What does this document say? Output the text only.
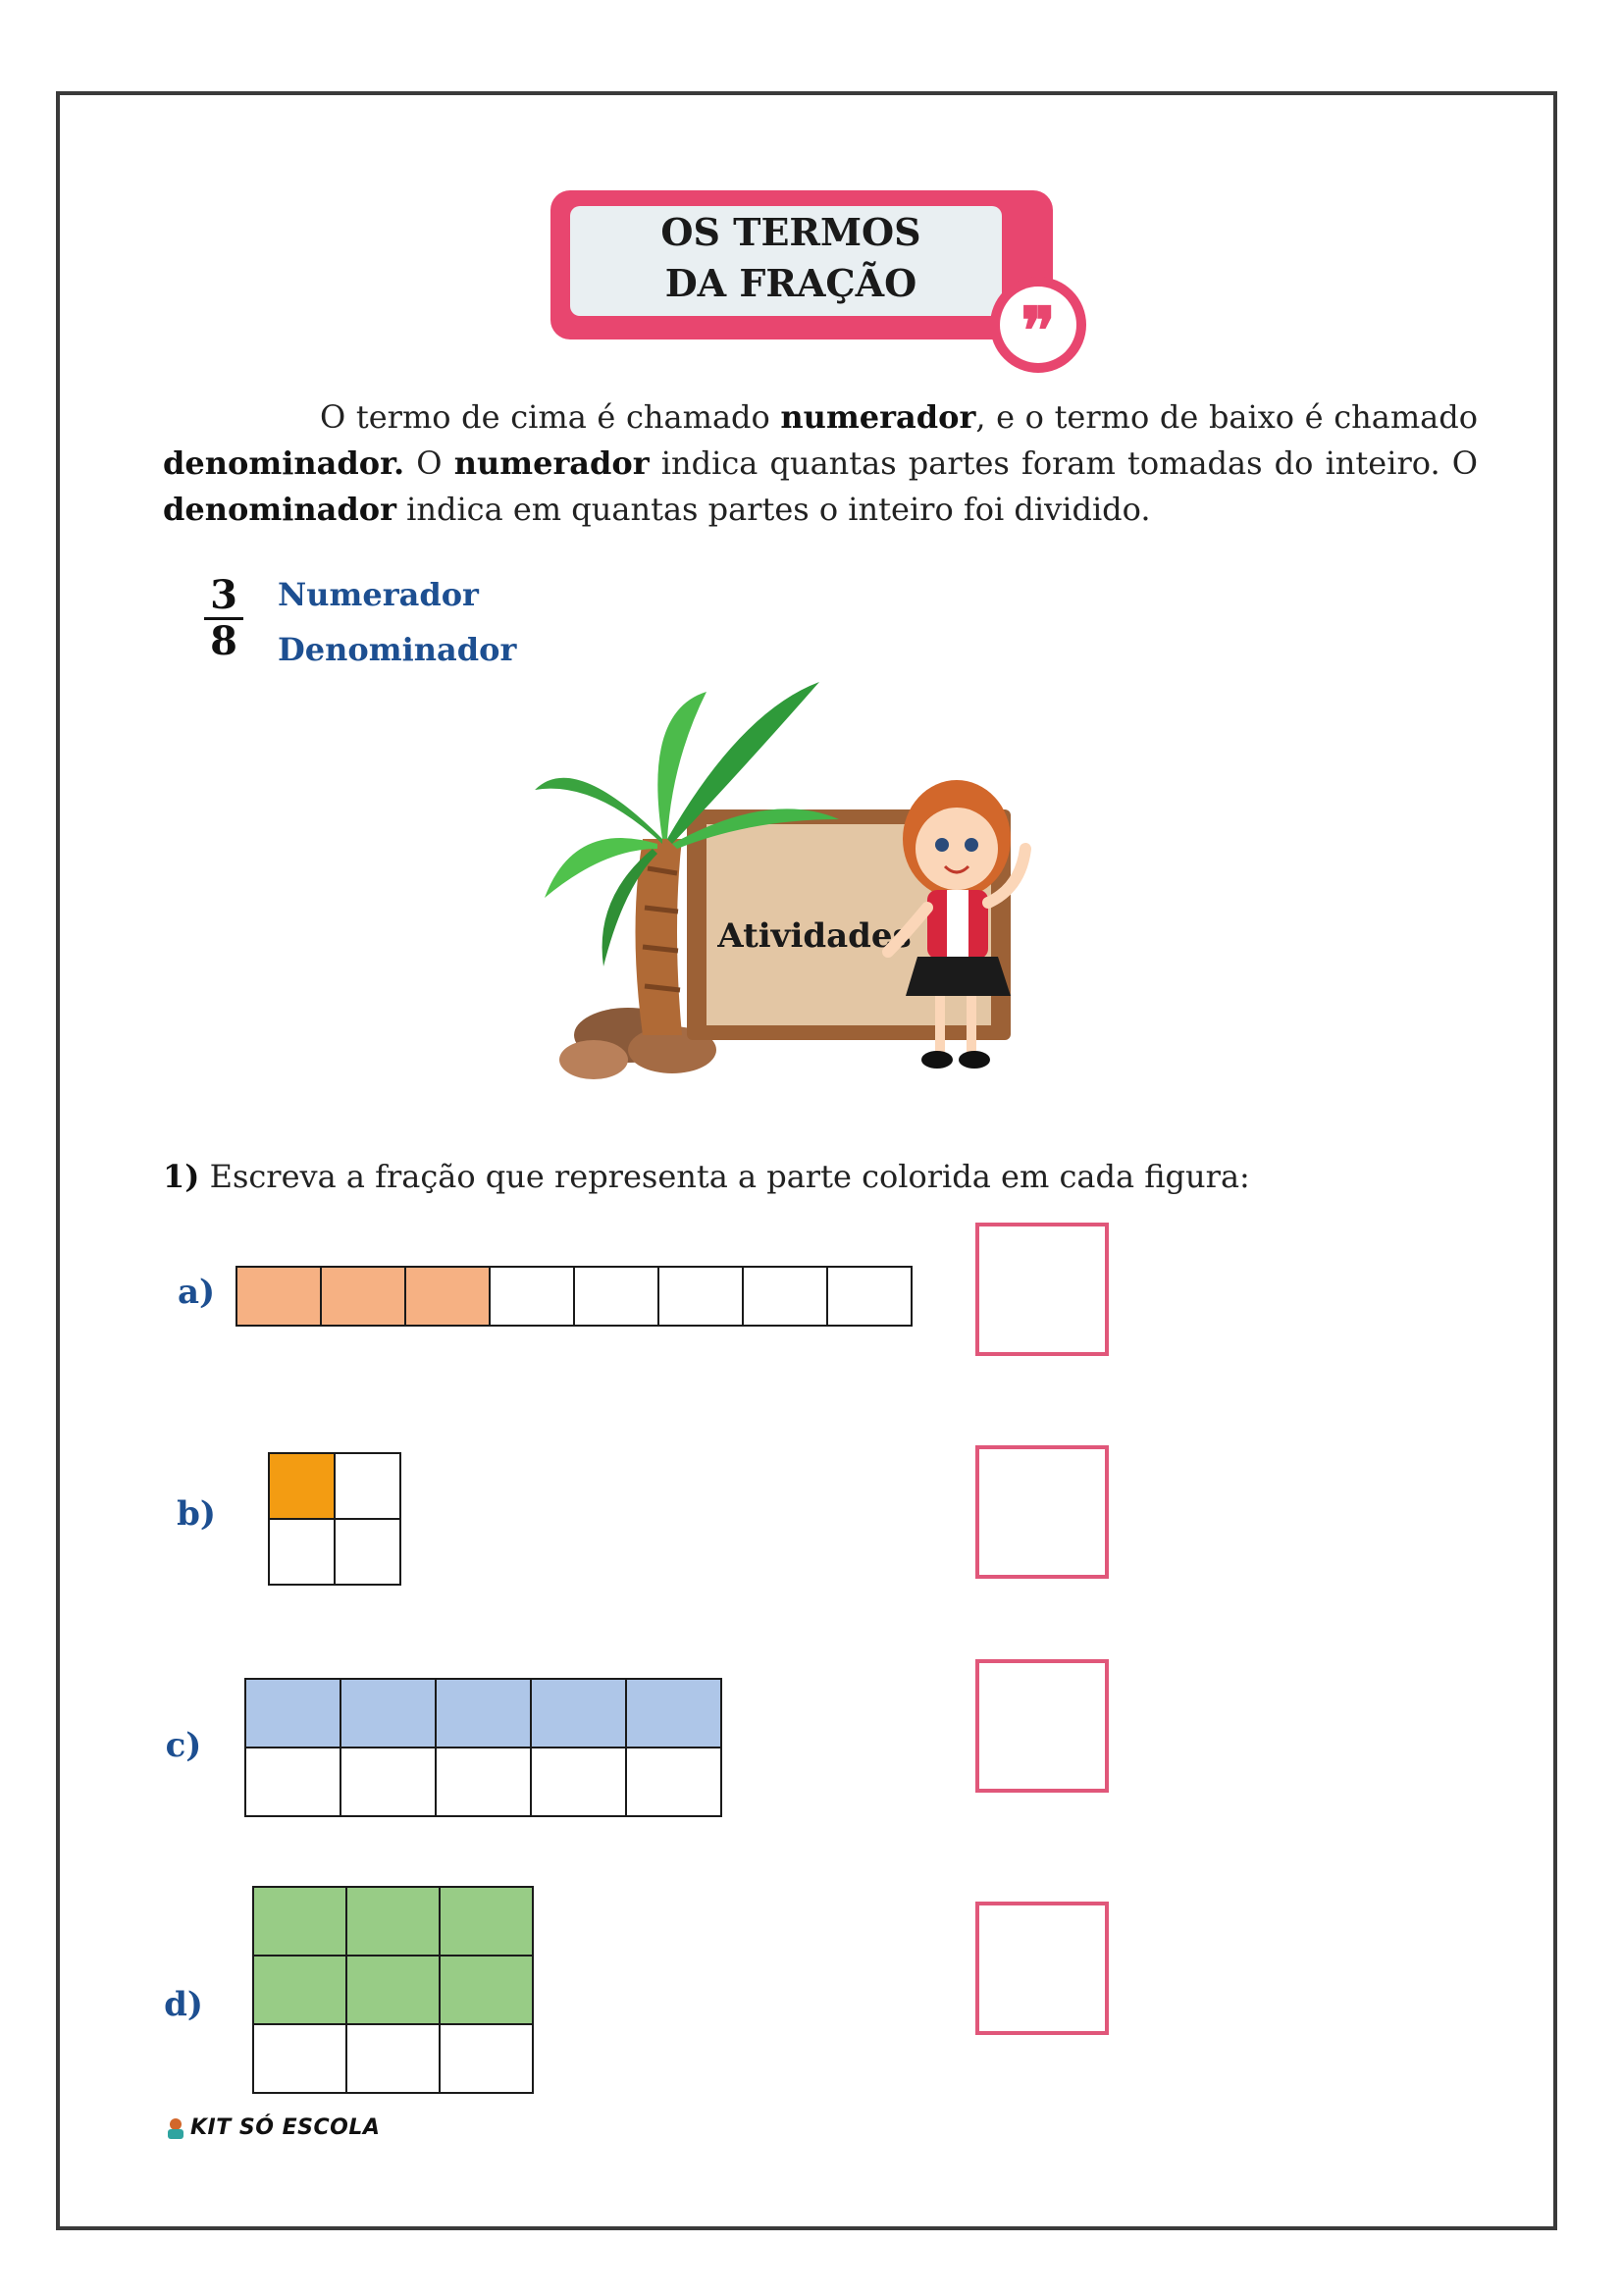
OS TERMOS
DA FRAÇÃO
❞
O termo de cima é chamado numerador, e o termo de baixo é chamado denominador. O numerador indica quantas partes foram tomadas do inteiro. O denominador indica em quantas partes o inteiro foi dividido.
$\frac{3}{8}$ Numerador
Denominador
Atividades
1) Escreva a fração que representa a parte colorida em cada figura:
a)

b)

c)

d)

KIT SÓ ESCOLA
